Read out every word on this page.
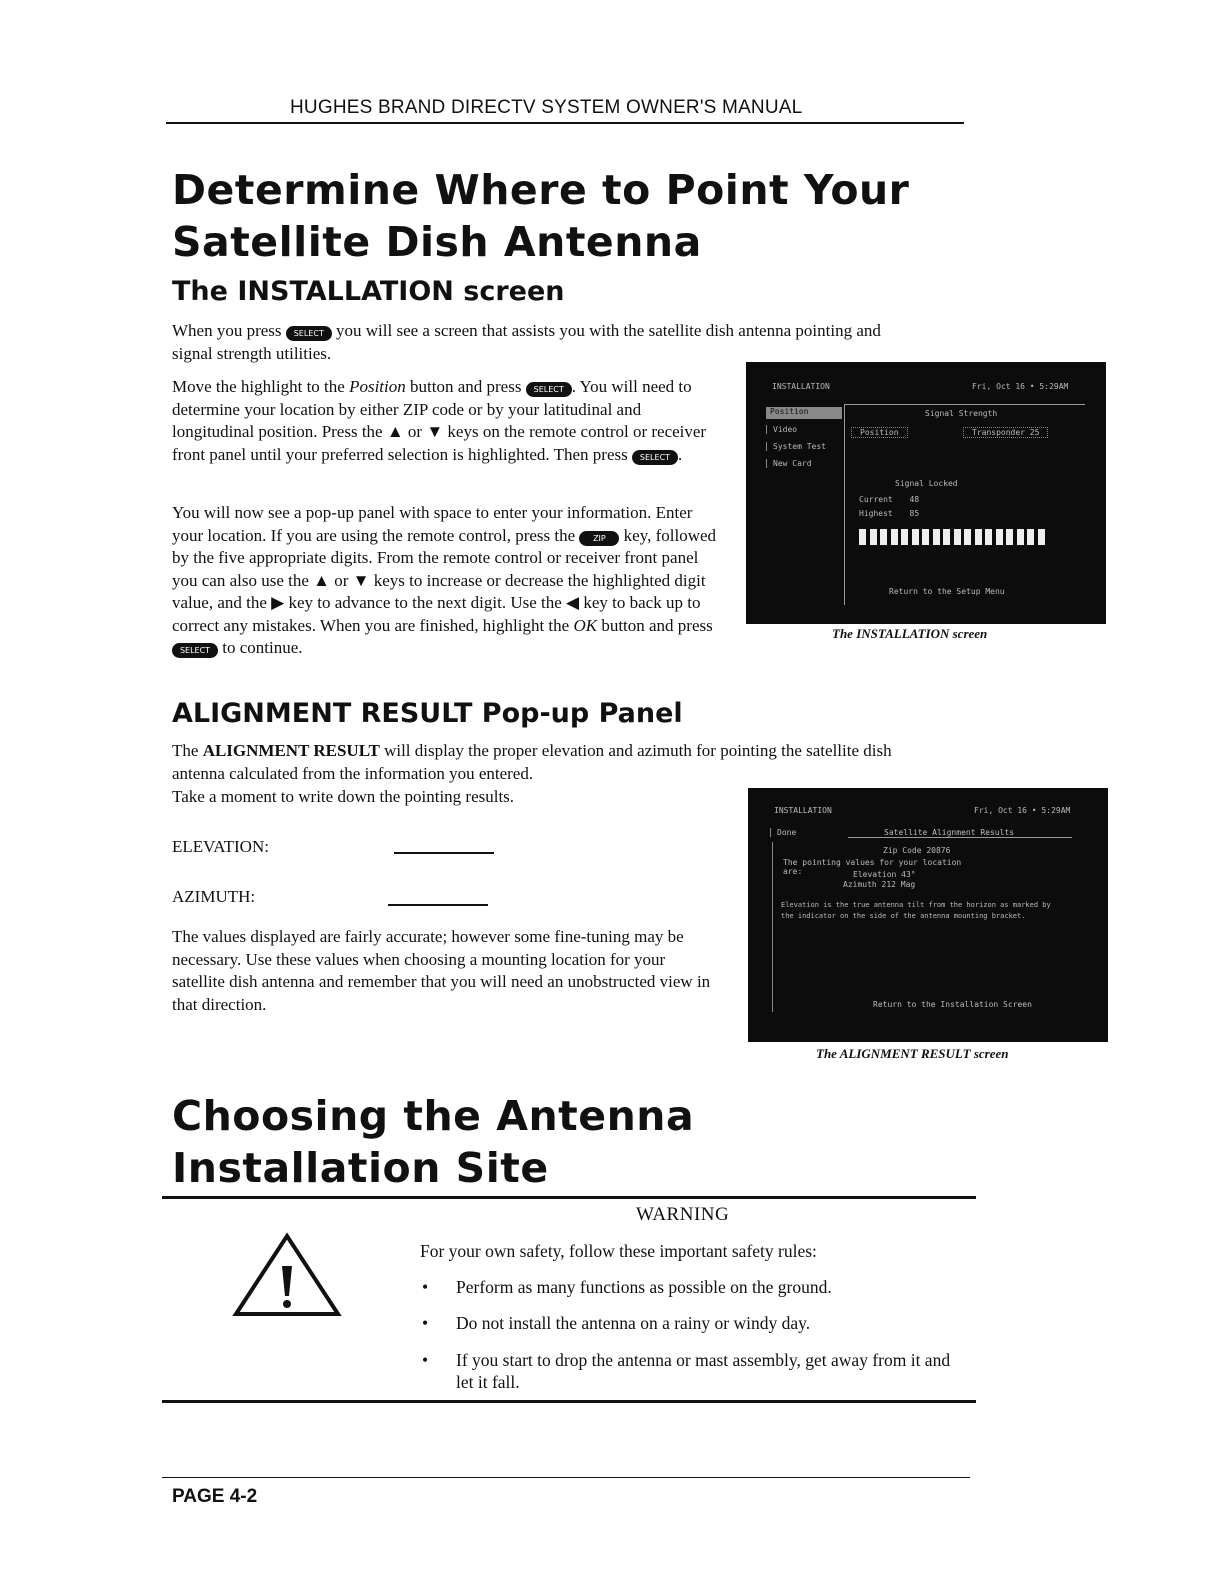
HUGHES BRAND DIRECTV SYSTEM OWNER'S MANUAL
Determine Where to Point Your
Satellite Dish Antenna
The INSTALLATION screen
When you press SELECT you will see a screen that assists you with the satellite dish antenna pointing and signal strength utilities.
Move the highlight to the Position button and press SELECT . You will need to determine your location by either ZIP code or by your latitudinal and longitudinal position. Press the ▲ or ▼ keys on the remote control or receiver front panel until your preferred selection is highlighted. Then press SELECT .
You will now see a pop-up panel with space to enter your information. Enter your location. If you are using the remote control, press the ZIP key, followed by the five appropriate digits. From the remote control or receiver front panel you can also use the ▲ or ▼ keys to increase or decrease the highlighted digit value, and the ▶ key to advance to the next digit. Use the ◀ key to back up to correct any mistakes. When you are finished, highlight the OK button and press SELECT to continue.
INSTALLATION	Fri, Oct 16 • 5:29AM
Position
Video
System Test
New Card
Signal Strength
Position	Transponder 25
Signal Locked
Current 48
Highest 85
Return to the Setup Menu
The INSTALLATION screen
ALIGNMENT RESULT Pop-up Panel
The ALIGNMENT RESULT will display the proper elevation and azimuth for pointing the satellite dish antenna calculated from the information you entered.
Take a moment to write down the pointing results.
ELEVATION:
AZIMUTH:
The values displayed are fairly accurate; however some fine-tuning may be necessary. Use these values when choosing a mounting location for your satellite dish antenna and remember that you will need an unobstructed view in that direction.
INSTALLATION	Fri, Oct 16 • 5:29AM
Done	Satellite Alignment Results
Zip Code 20876
The pointing values for your location are:	Elevation 43°
Azimuth 212 Mag
Elevation is the true antenna tilt from the horizon as marked by the indicator on the side of the antenna mounting bracket.
Return to the Installation Screen
The ALIGNMENT RESULT screen
Choosing the Antenna
Installation Site
WARNING
For your own safety, follow these important safety rules:
• Perform as many functions as possible on the ground.
• Do not install the antenna on a rainy or windy day.
• If you start to drop the antenna or mast assembly, get away from it and let it fall.
PAGE 4-2
